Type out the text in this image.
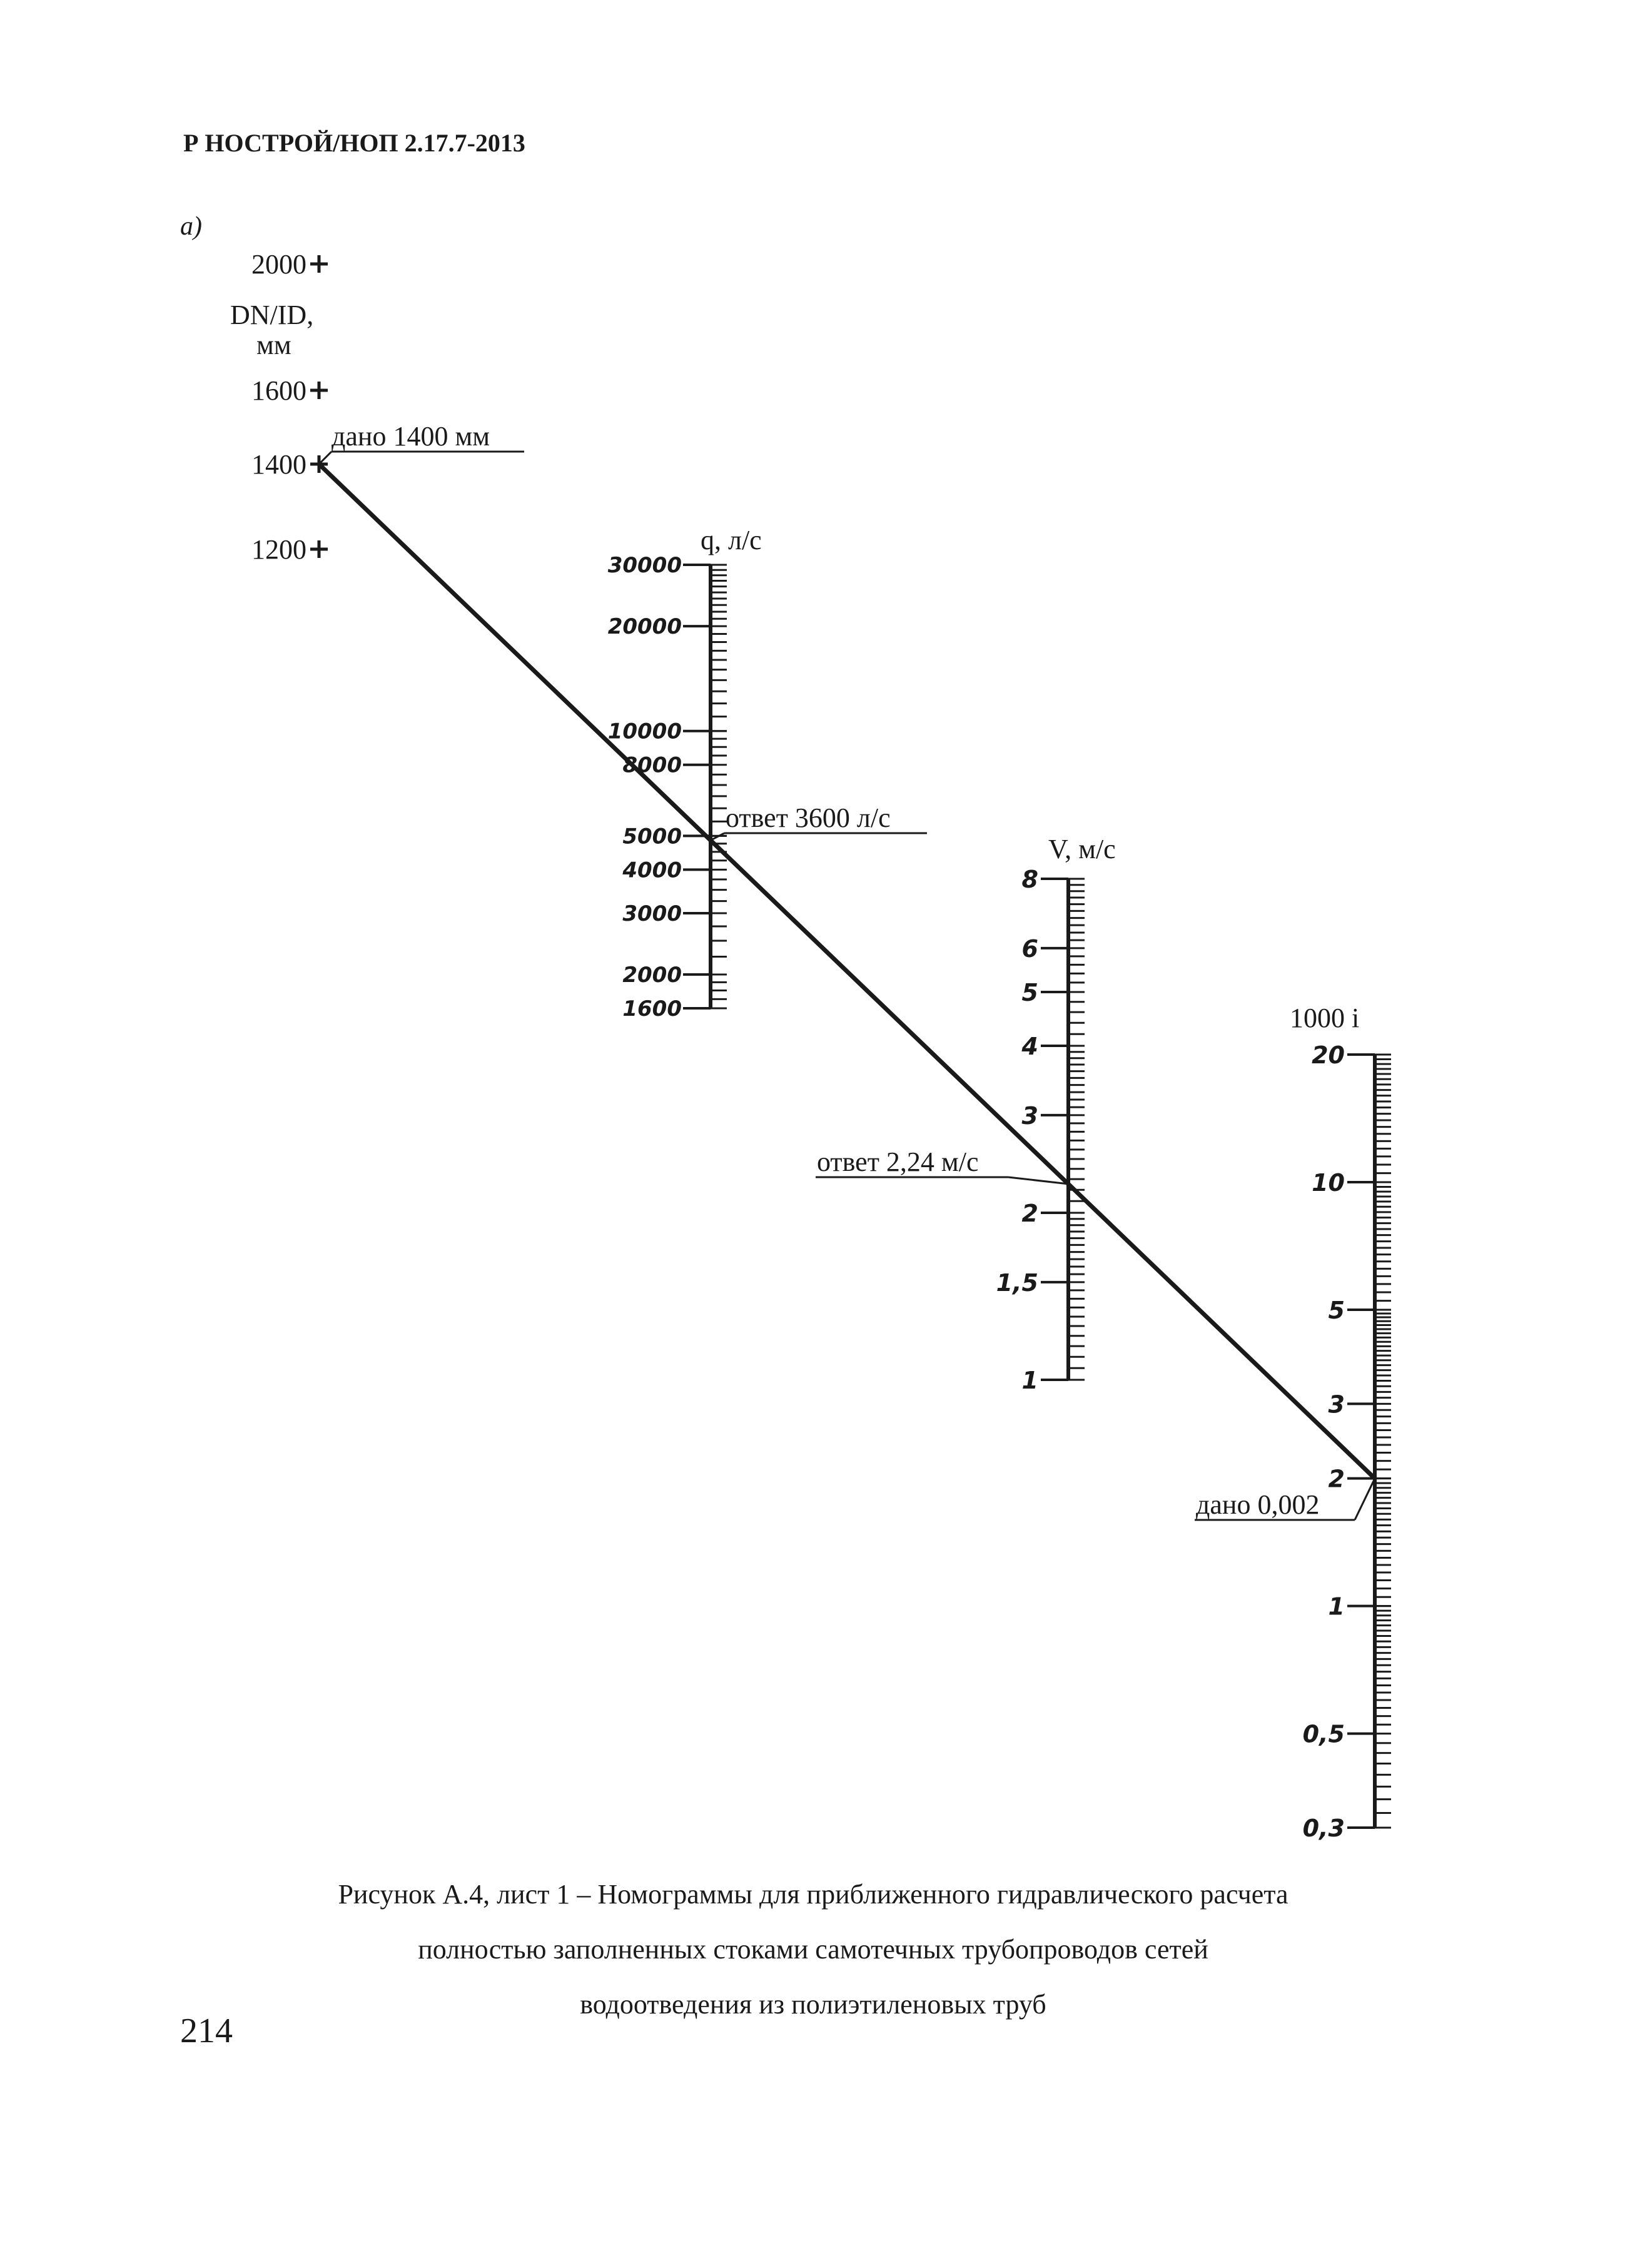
Р НОСТРОЙ/НОП 2.17.7-2013
а)
2000
1600
1400
1200
DN/ID,
мм
30000
20000
10000
8000
5000
4000
3000
2000
1600
q, л/с
8
6
5
4
3
2
1,5
1
V, м/с
20
10
5
3
2
1
0,5
0,3
1000 i
дано 1400 мм
ответ 3600 л/с
ответ 2,24 м/с
дано 0,002
Рисунок А.4, лист 1 – Номограммы для приближенного гидравлического расчета
полностью заполненных стоками самотечных трубопроводов сетей
водоотведения из полиэтиленовых труб
214
